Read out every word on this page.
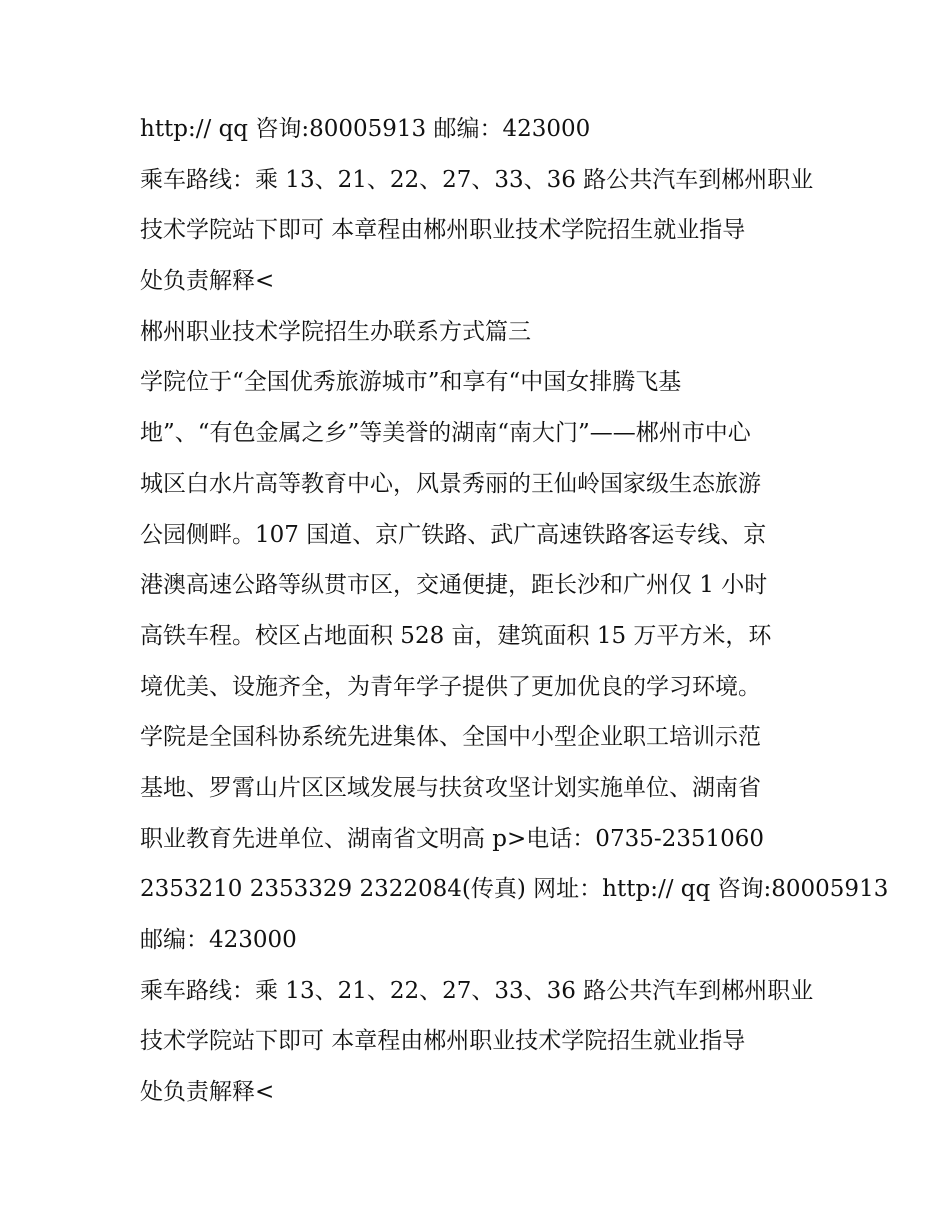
http:// qq 咨询:80005913 邮编：423000
乘车路线：乘 13、21、22、27、33、36 路公共汽车到郴州职业
技术学院站下即可 本章程由郴州职业技术学院招生就业指导
处负责解释<
郴州职业技术学院招生办联系方式篇三
学院位于“全国优秀旅游城市”和享有“中国女排腾飞基
地”、“有色金属之乡”等美誉的湖南“南大门”——郴州市中心
城区白水片高等教育中心，风景秀丽的王仙岭国家级生态旅游
公园侧畔。107 国道、京广铁路、武广高速铁路客运专线、京
港澳高速公路等纵贯市区，交通便捷，距长沙和广州仅 1 小时
高铁车程。校区占地面积 528 亩，建筑面积 15 万平方米，环
境优美、设施齐全，为青年学子提供了更加优良的学习环境。
学院是全国科协系统先进集体、全国中小型企业职工培训示范
基地、罗霄山片区区域发展与扶贫攻坚计划实施单位、湖南省
职业教育先进单位、湖南省文明高 p>电话：0735-2351060
2353210 2353329 2322084(传真) 网址：http:// qq 咨询:80005913
邮编：423000
乘车路线：乘 13、21、22、27、33、36 路公共汽车到郴州职业
技术学院站下即可 本章程由郴州职业技术学院招生就业指导
处负责解释<
